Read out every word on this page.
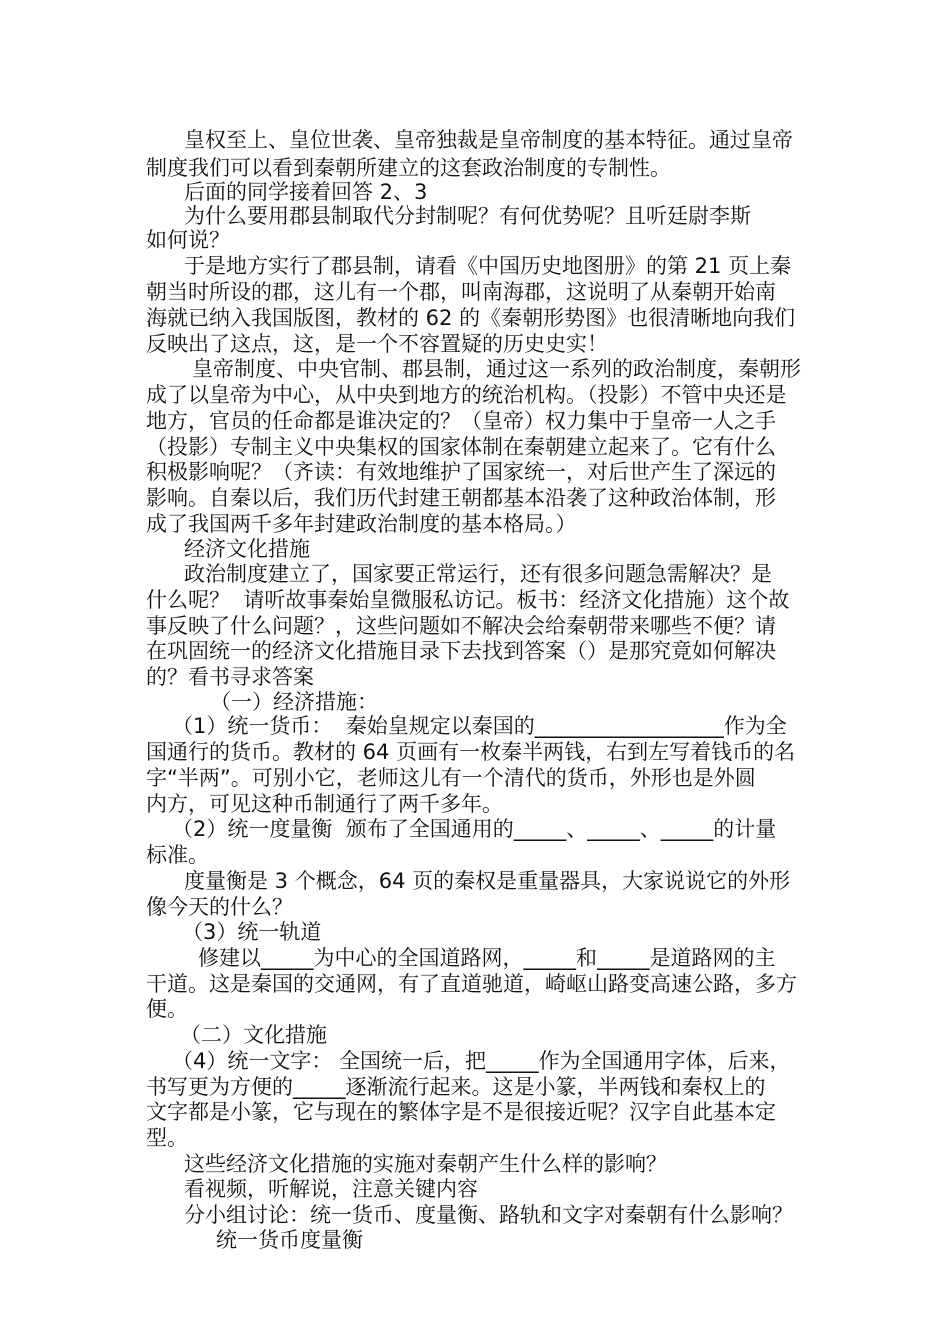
皇权至上、皇位世袭、皇帝独裁是皇帝制度的基本特征。通过皇帝
制度我们可以看到秦朝所建立的这套政治制度的专制性。
后面的同学接着回答 2、3
为什么要用郡县制取代分封制呢？有何优势呢？且听廷尉李斯
如何说？
于是地方实行了郡县制，请看《中国历史地图册》的第 21 页上秦
朝当时所设的郡，这儿有一个郡，叫南海郡，这说明了从秦朝开始南
海就已纳入我国版图，教材的 62 的《秦朝形势图》也很清晰地向我们
反映出了这点，这，是一个不容置疑的历史史实！
皇帝制度、中央官制、郡县制，通过这一系列的政治制度，秦朝形
成了以皇帝为中心，从中央到地方的统治机构。（投影）不管中央还是
地方，官员的任命都是谁决定的？（皇帝）权力集中于皇帝一人之手
（投影）专制主义中央集权的国家体制在秦朝建立起来了。它有什么
积极影响呢？（齐读：有效地维护了国家统一，对后世产生了深远的
影响。自秦以后，我们历代封建王朝都基本沿袭了这种政治体制，形
成了我国两千多年封建政治制度的基本格局。）
经济文化措施
政治制度建立了，国家要正常运行，还有很多问题急需解决？是
什么呢？  请听故事秦始皇微服私访记。板书：经济文化措施）这个故
事反映了什么问题？，这些问题如不解决会给秦朝带来哪些不便？请
在巩固统一的经济文化措施目录下去找到答案（）是那究竟如何解决
的？看书寻求答案
（一）经济措施：
（1）统一货币：  秦始皇规定以秦国的__________________作为全
国通行的货币。教材的 64 页画有一枚秦半两钱，右到左写着钱币的名
字“半两”。可别小它，老师这儿有一个清代的货币，外形也是外圆
内方，可见这种币制通行了两千多年。
（2）统一度量衡  颁布了全国通用的_____、_____、_____的计量
标准。
度量衡是 3 个概念，64 页的秦权是重量器具，大家说说它的外形
像今天的什么？
（3）统一轨道
修建以_____为中心的全国道路网，_____和_____是道路网的主
干道。这是秦国的交通网，有了直道驰道，崎岖山路变高速公路，多方
便。
（二）文化措施
（4）统一文字： 全国统一后，把_____作为全国通用字体，后来，
书写更为方便的_____逐渐流行起来。这是小篆，半两钱和秦权上的
文字都是小篆，它与现在的繁体字是不是很接近呢？汉字自此基本定
型。
这些经济文化措施的实施对秦朝产生什么样的影响？
看视频，听解说，注意关键内容
分小组讨论：统一货币、度量衡、路轨和文字对秦朝有什么影响？
统一货币度量衡
